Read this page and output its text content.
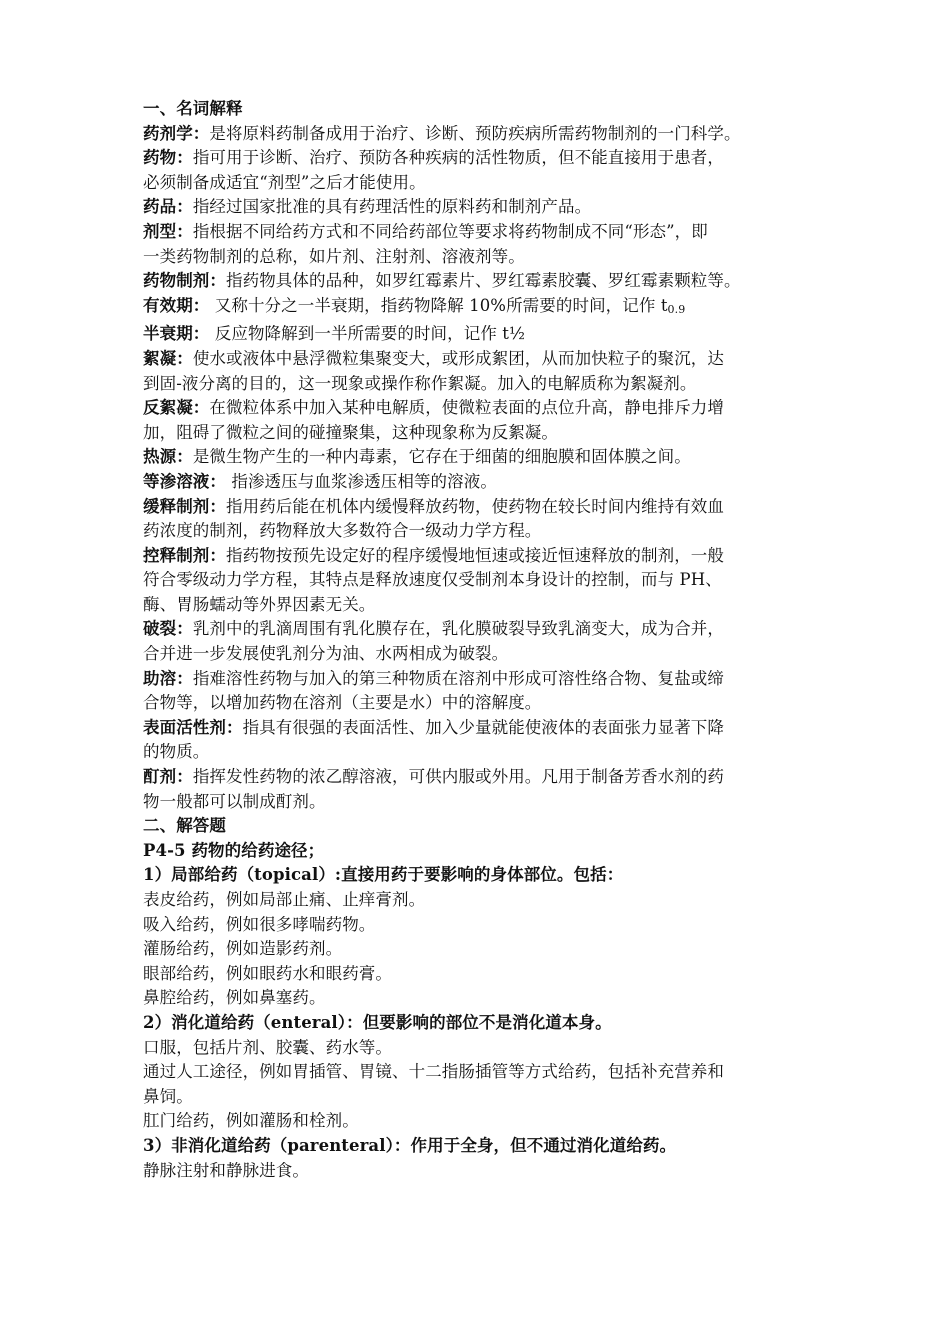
一、名词解释
药剂学：是将原料药制备成用于治疗、诊断、预防疾病所需药物制剂的一门科学。
药物：指可用于诊断、治疗、预防各种疾病的活性物质，但不能直接用于患者，
必须制备成适宜“剂型”之后才能使用。
药品：指经过国家批准的具有药理活性的原料药和制剂产品。
剂型：指根据不同给药方式和不同给药部位等要求将药物制成不同“形态”，即
一类药物制剂的总称，如片剂、注射剂、溶液剂等。
药物制剂：指药物具体的品种，如罗红霉素片、罗红霉素胶囊、罗红霉素颗粒等。
有效期： 又称十分之一半衰期，指药物降解 10%所需要的时间，记作 t0.9
半衰期： 反应物降解到一半所需要的时间，记作 t½
絮凝：使水或液体中悬浮微粒集聚变大，或形成絮团，从而加快粒子的聚沉，达
到固-液分离的目的，这一现象或操作称作絮凝。加入的电解质称为絮凝剂。
反絮凝：在微粒体系中加入某种电解质，使微粒表面的点位升高，静电排斥力增
加，阻碍了微粒之间的碰撞聚集，这种现象称为反絮凝。
热源：是微生物产生的一种内毒素，它存在于细菌的细胞膜和固体膜之间。
等渗溶液： 指渗透压与血浆渗透压相等的溶液。
缓释制剂：指用药后能在机体内缓慢释放药物，使药物在较长时间内维持有效血
药浓度的制剂，药物释放大多数符合一级动力学方程。
控释制剂：指药物按预先设定好的程序缓慢地恒速或接近恒速释放的制剂，一般
符合零级动力学方程，其特点是释放速度仅受制剂本身设计的控制，而与 PH、
酶、胃肠蠕动等外界因素无关。
破裂：乳剂中的乳滴周围有乳化膜存在，乳化膜破裂导致乳滴变大，成为合并，
合并进一步发展使乳剂分为油、水两相成为破裂。
助溶：指难溶性药物与加入的第三种物质在溶剂中形成可溶性络合物、复盐或缔
合物等，以增加药物在溶剂（主要是水）中的溶解度。
表面活性剂：指具有很强的表面活性、加入少量就能使液体的表面张力显著下降
的物质。
酊剂：指挥发性药物的浓乙醇溶液，可供内服或外用。凡用于制备芳香水剂的药
物一般都可以制成酊剂。
二、解答题
P4-5 药物的给药途径；
1）局部给药（topical）:直接用药于要影响的身体部位。包括：
表皮给药，例如局部止痛、止痒膏剂。
吸入给药，例如很多哮喘药物。
灌肠给药，例如造影药剂。
眼部给药，例如眼药水和眼药膏。
鼻腔给药，例如鼻塞药。
2）消化道给药（enteral）：但要影响的部位不是消化道本身。
口服，包括片剂、胶囊、药水等。
通过人工途径，例如胃插管、胃镜、十二指肠插管等方式给药，包括补充营养和
鼻饲。
肛门给药，例如灌肠和栓剂。
3）非消化道给药（parenteral）：作用于全身，但不通过消化道给药。
静脉注射和静脉进食。
